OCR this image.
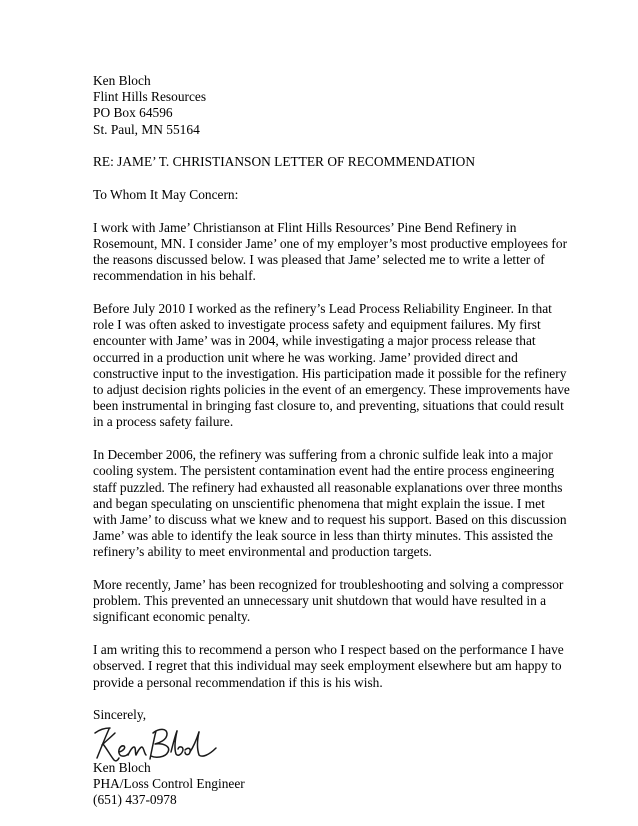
Ken Bloch
Flint Hills Resources
PO Box 64596
St. Paul, MN 55164
RE: JAME’ T. CHRISTIANSON LETTER OF RECOMMENDATION
To Whom It May Concern:
I work with Jame’ Christianson at Flint Hills Resources’ Pine Bend Refinery in
Rosemount, MN. I consider Jame’ one of my employer’s most productive employees for
the reasons discussed below. I was pleased that Jame’ selected me to write a letter of
recommendation in his behalf.
Before July 2010 I worked as the refinery’s Lead Process Reliability Engineer. In that
role I was often asked to investigate process safety and equipment failures. My first
encounter with Jame’ was in 2004, while investigating a major process release that
occurred in a production unit where he was working. Jame’ provided direct and
constructive input to the investigation. His participation made it possible for the refinery
to adjust decision rights policies in the event of an emergency. These improvements have
been instrumental in bringing fast closure to, and preventing, situations that could result
in a process safety failure.
In December 2006, the refinery was suffering from a chronic sulfide leak into a major
cooling system. The persistent contamination event had the entire process engineering
staff puzzled. The refinery had exhausted all reasonable explanations over three months
and began speculating on unscientific phenomena that might explain the issue. I met
with Jame’ to discuss what we knew and to request his support. Based on this discussion
Jame’ was able to identify the leak source in less than thirty minutes. This assisted the
refinery’s ability to meet environmental and production targets.
More recently, Jame’ has been recognized for troubleshooting and solving a compressor
problem. This prevented an unnecessary unit shutdown that would have resulted in a
significant economic penalty.
I am writing this to recommend a person who I respect based on the performance I have
observed. I regret that this individual may seek employment elsewhere but am happy to
provide a personal recommendation if this is his wish.
Sincerely,
Ken Bloch
PHA/Loss Control Engineer
(651) 437-0978
